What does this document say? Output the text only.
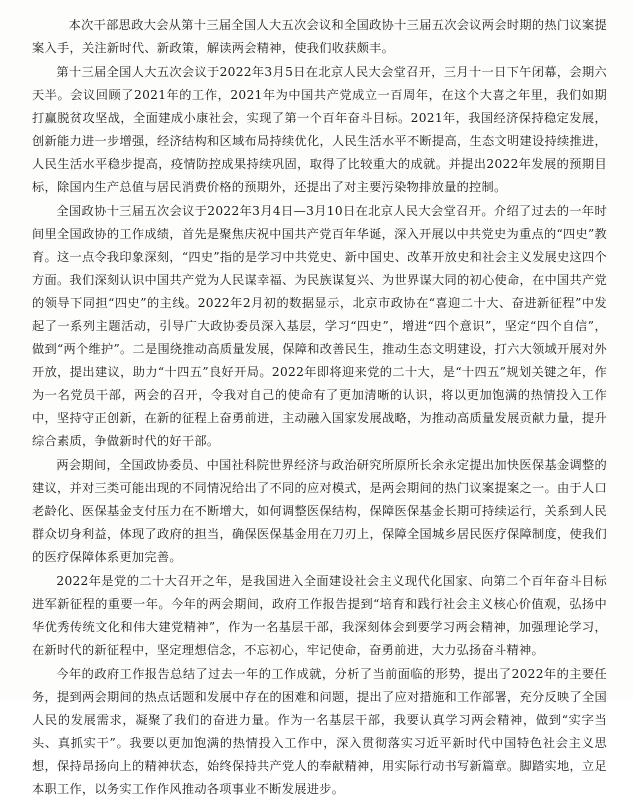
本次干部思政大会从第十三届全国人大五次会议和全国政协十三届五次会议两会时期的热门议案提案入手，关注新时代、新政策，解读两会精神，使我们收获颇丰。

第十三届全国人大五次会议于2022年3月5日在北京人民大会堂召开，三月十一日下午闭幕，会期六天半。会议回顾了2021年的工作，2021年为中国共产党成立一百周年，在这个大喜之年里，我们如期打赢脱贫攻坚战，全面建成小康社会，实现了第一个百年奋斗目标。2021年，我国经济保持稳定发展，创新能力进一步增强，经济结构和区域布局持续优化，人民生活水平不断提高，生态文明建设持续推进，人民生活水平稳步提高，疫情防控成果持续巩固，取得了比较重大的成就。并提出2022年发展的预期目标，除国内生产总值与居民消费价格的预期外，还提出了对主要污染物排放量的控制。

全国政协十三届五次会议于2022年3月4日—3月10日在北京人民大会堂召开。介绍了过去的一年时间里全国政协的工作成绩，首先是聚焦庆祝中国共产党百年华诞，深入开展以中共党史为重点的“四史”教育。这一点令我印象深刻，“四史”指的是学习中共党史、新中国史、改革开放史和社会主义发展史这四个方面。我们深刻认识中国共产党为人民谋幸福、为民族谋复兴、为世界谋大同的初心使命，在中国共产党的领导下同担“四史”的主线。2022年2月初的数据显示，北京市政协在“喜迎二十大、奋进新征程”中发起了一系列主题活动，引导广大政协委员深入基层，学习“四史”，增进“四个意识”，坚定“四个自信”，做到“两个维护”。二是围绕推动高质量发展，保障和改善民生，推动生态文明建设，打六大领域开展对外开放，提出建议，助力“十四五”良好开局。2022年即将迎来党的二十大，是“十四五”规划关键之年，作为一名党员干部，两会的召开，令我对自己的使命有了更加清晰的认识，将以更加饱满的热情投入工作中，坚持守正创新，在新的征程上奋勇前进，主动融入国家发展战略，为推动高质量发展贡献力量，提升综合素质，争做新时代的好干部。

两会期间，全国政协委员、中国社科院世界经济与政治研究所原所长余永定提出加快医保基金调整的建议，并对三类可能出现的不同情况给出了不同的应对模式，是两会期间的热门议案提案之一。由于人口老龄化、医保基金支付压力在不断增大，如何调整医保结构，保障医保基金长期可持续运行，关系到人民群众切身利益，体现了政府的担当，确保医保基金用在刀刃上，保障全国城乡居民医疗保障制度，使我们的医疗保障体系更加完善。

2022年是党的二十大召开之年，是我国进入全面建设社会主义现代化国家、向第二个百年奋斗目标进军新征程的重要一年。今年的两会期间，政府工作报告提到“培育和践行社会主义核心价值观，弘扬中华优秀传统文化和伟大建党精神”，作为一名基层干部，我深刻体会到要学习两会精神，加强理论学习，在新时代的新征程中，坚定理想信念，不忘初心，牢记使命，奋勇前进，大力弘扬奋斗精神。

今年的政府工作报告总结了过去一年的工作成就，分析了当前面临的形势，提出了2022年的主要任务，提到两会期间的热点话题和发展中存在的困难和问题，提出了应对措施和工作部署，充分反映了全国人民的发展需求，凝聚了我们的奋进力量。作为一名基层干部，我要认真学习两会精神，做到“实字当头、真抓实干”。我要以更加饱满的热情投入工作中，深入贯彻落实习近平新时代中国特色社会主义思想，保持昂扬向上的精神状态，始终保持共产党人的奉献精神，用实际行动书写新篇章。脚踏实地，立足本职工作，以务实工作作风推动各项事业不断发展进步。
